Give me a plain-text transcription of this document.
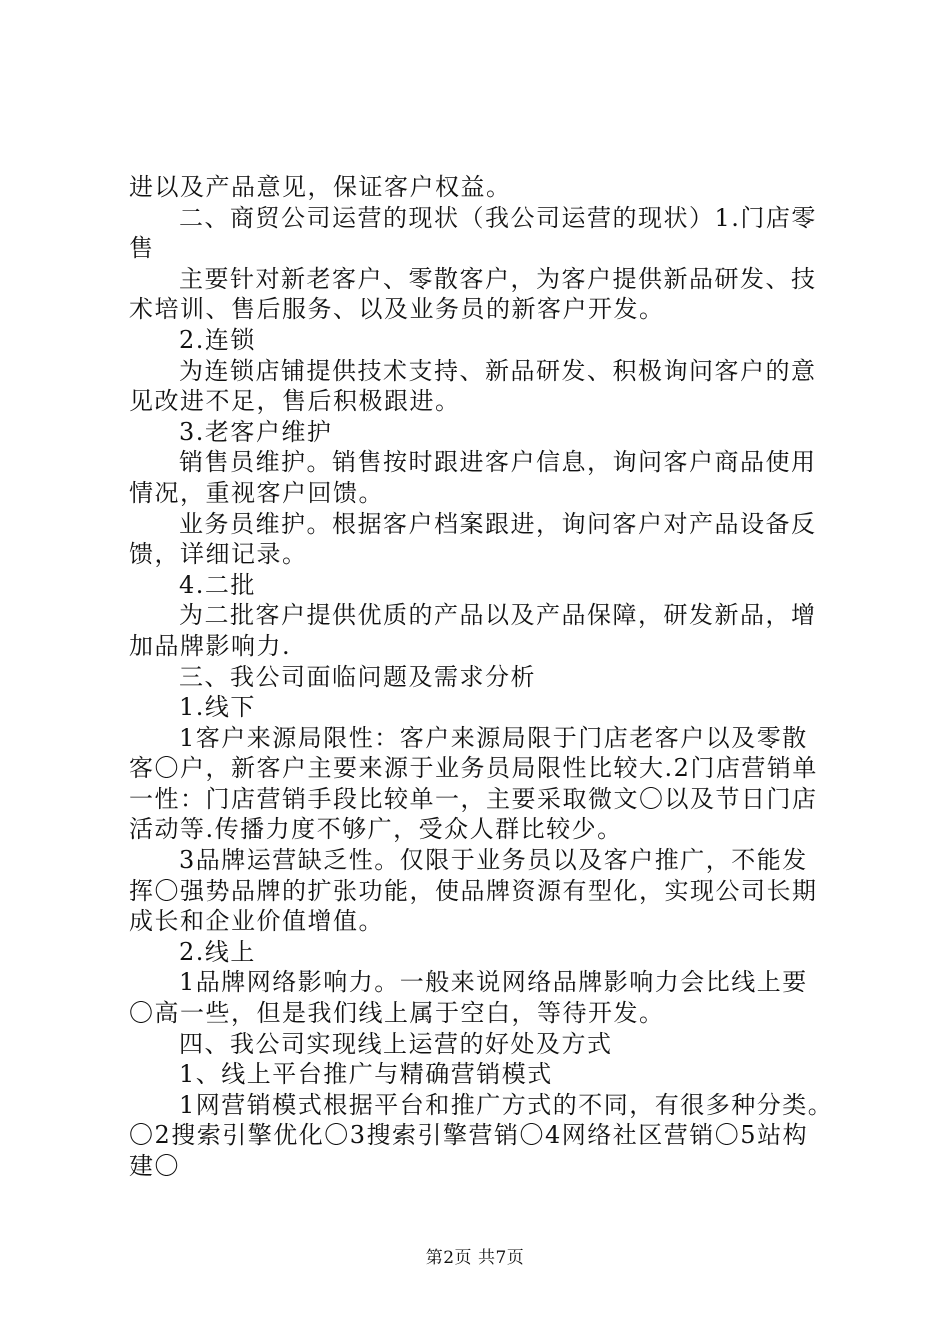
进以及产品意见，保证客户权益。
二、商贸公司运营的现状（我公司运营的现状）1.门店零
售
主要针对新老客户、零散客户，为客户提供新品研发、技
术培训、售后服务、以及业务员的新客户开发。
2.连锁
为连锁店铺提供技术支持、新品研发、积极询问客户的意
见改进不足，售后积极跟进。
3.老客户维护
销售员维护。销售按时跟进客户信息，询问客户商品使用
情况，重视客户回馈。
业务员维护。根据客户档案跟进，询问客户对产品设备反
馈，详细记录。
4.二批
为二批客户提供优质的产品以及产品保障，研发新品，增
加品牌影响力.
三、我公司面临问题及需求分析
1.线下
1客户来源局限性：客户来源局限于门店老客户以及零散
客〇户，新客户主要来源于业务员局限性比较大.2门店营销单
一性：门店营销手段比较单一，主要采取微文〇以及节日门店
活动等.传播力度不够广，受众人群比较少。
3品牌运营缺乏性。仅限于业务员以及客户推广，不能发
挥〇强势品牌的扩张功能，使品牌资源有型化，实现公司长期
成长和企业价值增值。
2.线上
1品牌网络影响力。一般来说网络品牌影响力会比线上要
〇高一些，但是我们线上属于空白，等待开发。
四、我公司实现线上运营的好处及方式
1、线上平台推广与精确营销模式
1网营销模式根据平台和推广方式的不同，有很多种分类。
〇2搜索引擎优化〇3搜索引擎营销〇4网络社区营销〇5站构
建〇
第2页 共7页
